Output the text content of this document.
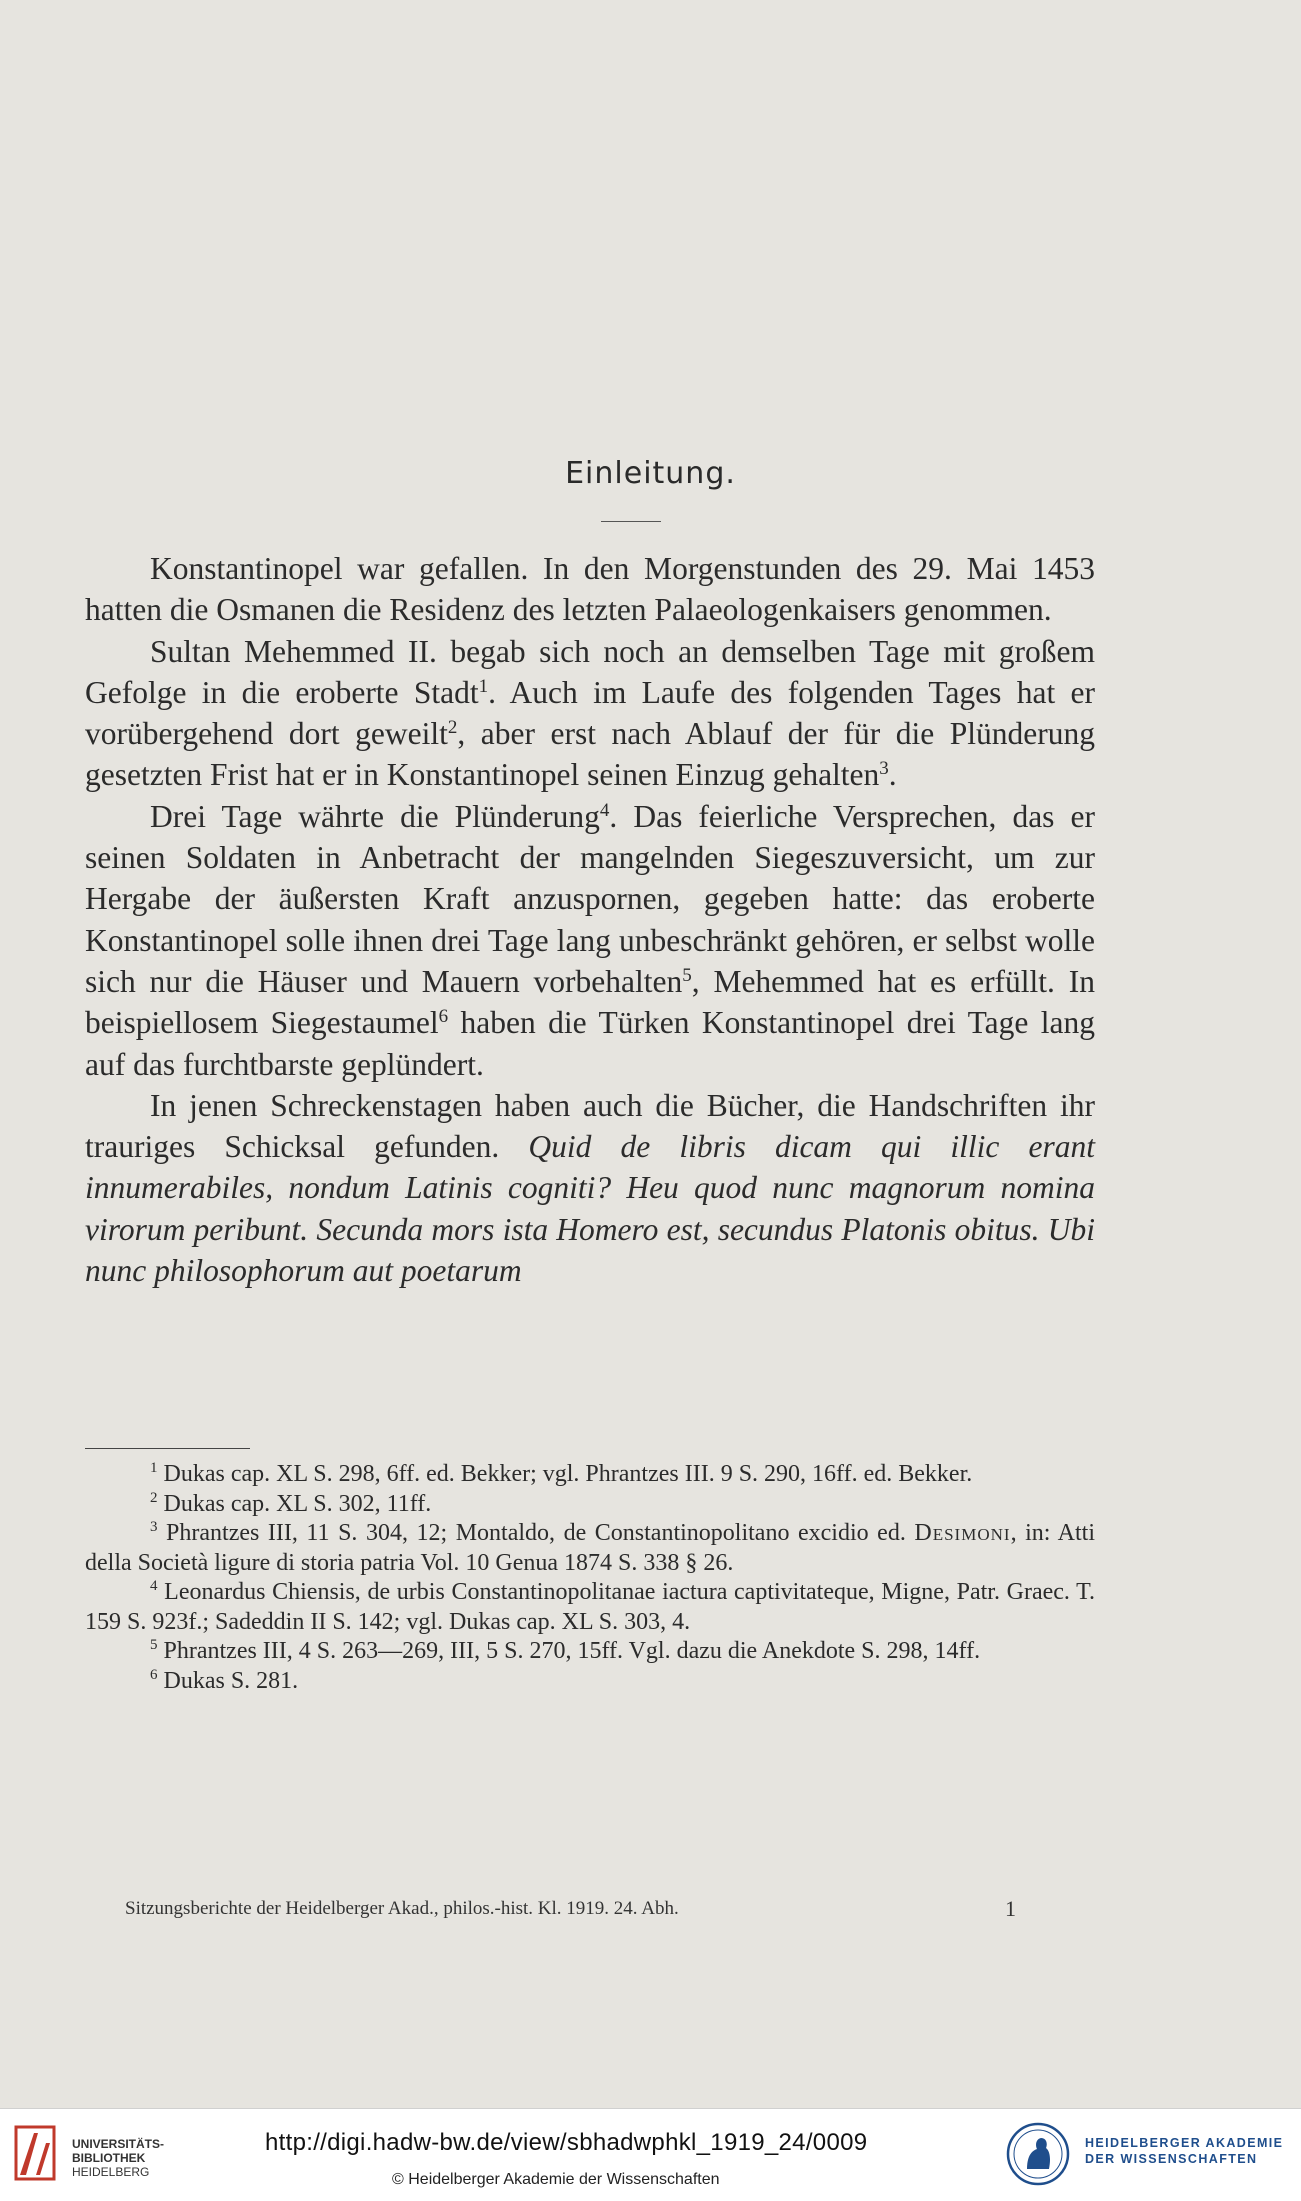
Einleitung.

Konstantinopel war gefallen. In den Morgenstunden des 29. Mai 1453 hatten die Osmanen die Residenz des letzten Palaeologenkaisers genommen.

Sultan Mehemmed II. begab sich noch an demselben Tage mit großem Gefolge in die eroberte Stadt$^1$. Auch im Laufe des folgenden Tages hat er vorübergehend dort geweilt$^2$, aber erst nach Ablauf der für die Plünderung gesetzten Frist hat er in Konstantinopel seinen Einzug gehalten$^3$.

Drei Tage währte die Plünderung$^4$. Das feierliche Versprechen, das er seinen Soldaten in Anbetracht der mangelnden Siegeszuversicht, um zur Hergabe der äußersten Kraft anzuspornen, gegeben hatte: das eroberte Konstantinopel solle ihnen drei Tage lang unbeschränkt gehören, er selbst wolle sich nur die Häuser und Mauern vorbehalten$^5$, Mehemmed hat es erfüllt. In beispiellosem Siegestaumel$^6$ haben die Türken Konstantinopel drei Tage lang auf das furchtbarste geplündert.

In jenen Schreckenstagen haben auch die Bücher, die Handschriften ihr trauriges Schicksal gefunden. Quid de libris dicam qui illic erant innumerabiles, nondum Latinis cogniti? Heu quod nunc magnorum nomina virorum peribunt. Secunda mors ista Homero est, secundus Platonis obitus. Ubi nunc philosophorum aut poetarum

$^1$ Dukas cap. XL S. 298, 6ff. ed. Bekker; vgl. Phrantzes III. 9 S. 290, 16ff. ed. Bekker.

$^2$ Dukas cap. XL S. 302, 11ff.

$^3$ Phrantzes III, 11 S. 304, 12; Montaldo, de Constantinopolitano excidio ed. Desimoni, in: Atti della Società ligure di storia patria Vol. 10 Genua 1874 S. 338 § 26.

$^4$ Leonardus Chiensis, de urbis Constantinopolitanae iactura captivitateque, Migne, Patr. Graec. T. 159 S. 923f.; Sadeddin II S. 142; vgl. Dukas cap. XL S. 303, 4.

$^5$ Phrantzes III, 4 S. 263—269, III, 5 S. 270, 15ff. Vgl. dazu die Anekdote S. 298, 14ff.

$^6$ Dukas S. 281.

Sitzungsberichte der Heidelberger Akad., philos.-hist. Kl. 1919. 24. Abh.	1
UNIVERSITÄTS-
BIBLIOTHEK
HEIDELBERG
http://digi.hadw-bw.de/view/sbhadwphkl_1919_24/0009
© Heidelberger Akademie der Wissenschaften
HEIDELBERGER AKADEMIE
DER WISSENSCHAFTEN
